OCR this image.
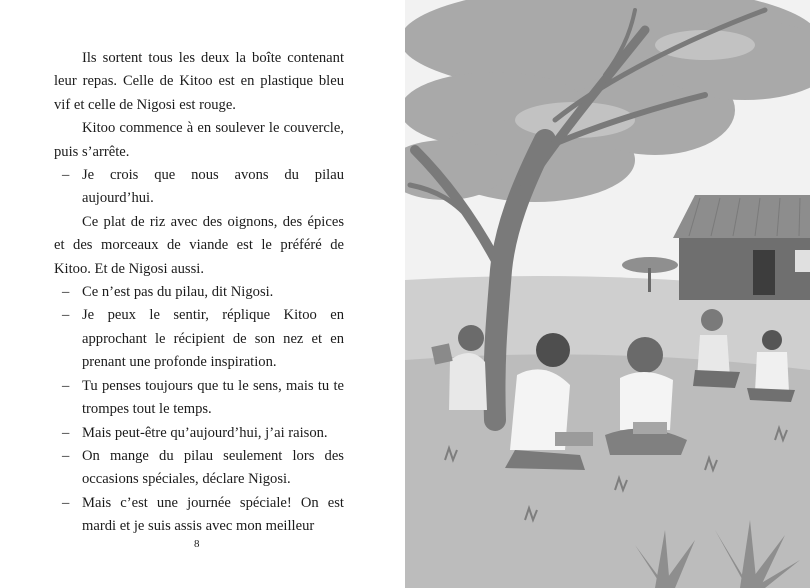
Ils sortent tous les deux la boîte contenant leur repas. Celle de Kitoo est en plastique bleu vif et celle de Nigosi est rouge.

Kitoo commence à en soulever le couvercle, puis s’arrête.

– Je crois que nous avons du pilau aujourd’hui.

Ce plat de riz avec des oignons, des épices et des morceaux de viande est le préféré de Kitoo. Et de Nigosi aussi.

– Ce n’est pas du pilau, dit Nigosi.

– Je peux le sentir, réplique Kitoo en approchant le récipient de son nez et en prenant une profonde inspiration.

– Tu penses toujours que tu le sens, mais tu te trompes tout le temps.

– Mais peut-être qu’aujourd’hui, j’ai raison.

– On mange du pilau seulement lors des occasions spéciales, déclare Nigosi.

– Mais c’est une journée spéciale! On est mardi et je suis assis avec mon meilleur

8
